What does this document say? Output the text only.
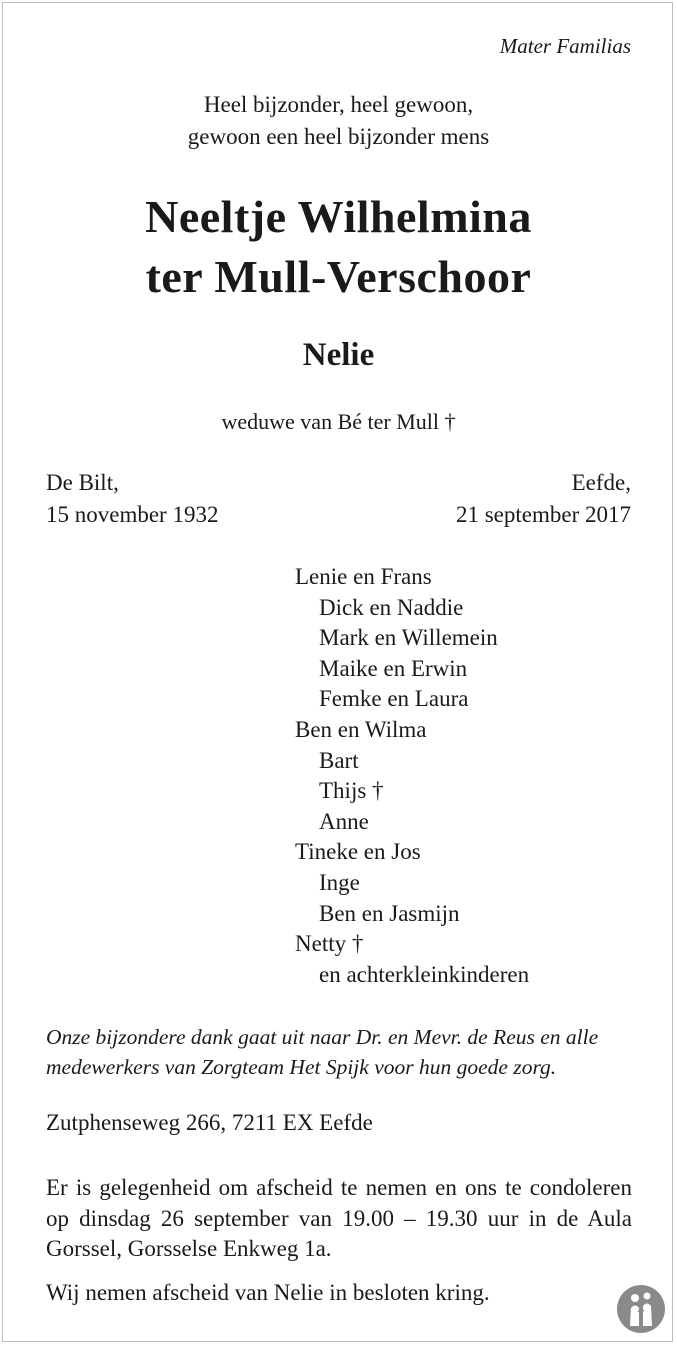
Mater Familias
Heel bijzonder, heel gewoon,
gewoon een heel bijzonder mens
Neeltje Wilhelmina
ter Mull-Verschoor
Nelie
weduwe van Bé ter Mull †
De Bilt,
15 november 1932
Eefde,
21 september 2017
Lenie en Frans
Dick en Naddie
Mark en Willemein
Maike en Erwin
Femke en Laura
Ben en Wilma
Bart
Thijs †
Anne
Tineke en Jos
Inge
Ben en Jasmijn
Netty †
en achterkleinkinderen
Onze bijzondere dank gaat uit naar Dr. en Mevr. de Reus en alle medewerkers van Zorgteam Het Spijk voor hun goede zorg.
Zutphenseweg 266, 7211 EX Eefde
Er is gelegenheid om afscheid te nemen en ons te condoleren op dinsdag 26 september van 19.00 – 19.30 uur in de Aula Gorssel, Gorsselse Enkweg 1a.
Wij nemen afscheid van Nelie in besloten kring.
